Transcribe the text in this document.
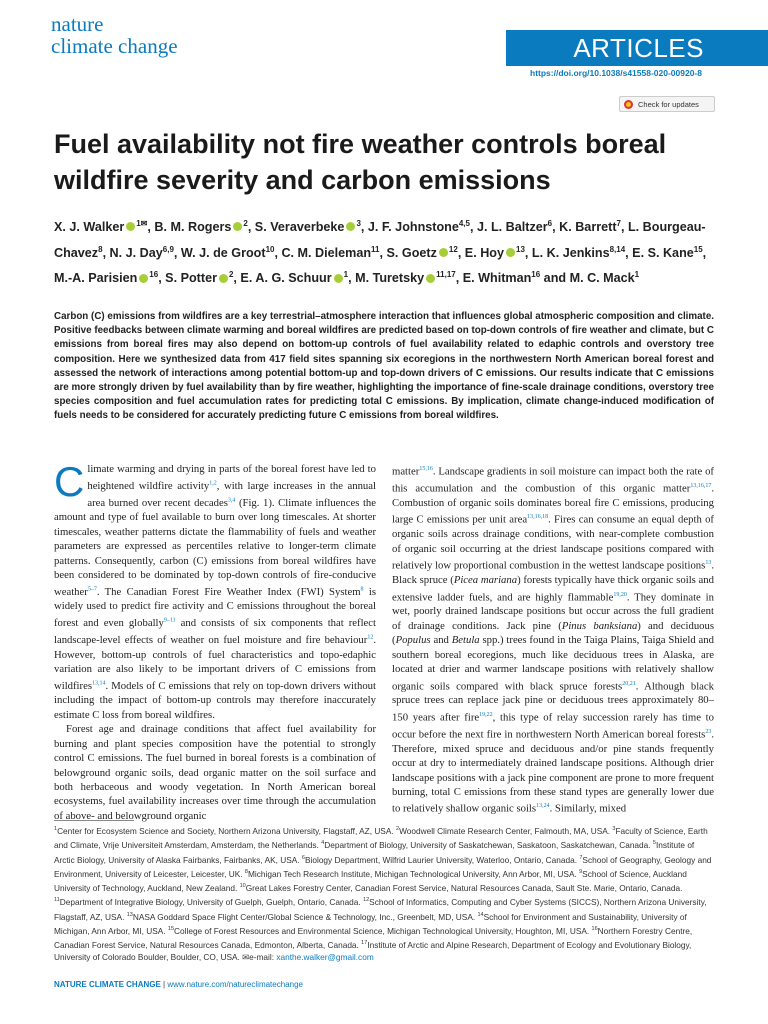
nature
climate change	ARTICLES
https://doi.org/10.1038/s41558-020-00920-8
Check for updates
Fuel availability not fire weather controls boreal wildfire severity and carbon emissions

X. J. Walker $^{1✉}$, B. M. Rogers $^2$, S. Veraverbeke $^3$, J. F. Johnstone$^{4,5}$, J. L. Baltzer$^6$, K. Barrett$^7$, L. Bourgeau-Chavez$^8$, N. J. Day$^{6,9}$, W. J. de Groot$^{10}$, C. M. Dieleman$^{11}$, S. Goetz $^{12}$, E. Hoy $^{13}$, L. K. Jenkins$^{8,14}$, E. S. Kane$^{15}$, M.-A. Parisien $^{16}$, S. Potter $^2$, E. A. G. Schuur $^1$, M. Turetsky $^{11,17}$, E. Whitman$^{16}$ and M. C. Mack$^1$

Carbon (C) emissions from wildfires are a key terrestrial–atmosphere interaction that influences global atmospheric composition and climate. Positive feedbacks between climate warming and boreal wildfires are predicted based on top-down controls of fire weather and climate, but C emissions from boreal fires may also depend on bottom-up controls of fuel availability related to edaphic controls and overstory tree composition. Here we synthesized data from 417 field sites spanning six ecoregions in the northwestern North American boreal forest and assessed the network of interactions among potential bottom-up and top-down drivers of C emissions. Our results indicate that C emissions are more strongly driven by fuel availability than by fire weather, highlighting the importance of fine-scale drainage conditions, overstory tree species composition and fuel accumulation rates for predicting total C emissions. By implication, climate change-induced modification of fuels needs to be considered for accurately predicting future C emissions from boreal wildfires.

Climate warming and drying in parts of the boreal forest have led to heightened wildfire activity$^{1,2}$, with large increases in the annual area burned over recent decades$^{3,4}$ (Fig. 1). Climate influences the amount and type of fuel available to burn over long timescales. At shorter timescales, weather patterns dictate the flammability of fuels and weather parameters are expressed as percentiles relative to longer-term climate patterns. Consequently, carbon (C) emissions from boreal wildfires have been considered to be dominated by top-down controls of fire-conducive weather$^{5-7}$. The Canadian Forest Fire Weather Index (FWI) System$^8$ is widely used to predict fire activity and C emissions throughout the boreal forest and even globally$^{9-11}$ and consists of six components that reflect landscape-level effects of weather on fuel moisture and fire behaviour$^{12}$. However, bottom-up controls of fuel characteristics and topo-edaphic variation are also likely to be important drivers of C emissions from wildfires$^{13,14}$. Models of C emissions that rely on top-down drivers without including the impact of bottom-up controls may therefore inaccurately estimate C loss from boreal wildfires.

Forest age and drainage conditions that affect fuel availability for burning and plant species composition have the potential to strongly control C emissions. The fuel burned in boreal forests is a combination of belowground organic soils, dead organic matter on the soil surface and both herbaceous and woody vegetation. In North American boreal ecosystems, fuel availability increases over time through the accumulation of above- and belowground organic

matter$^{15,16}$. Landscape gradients in soil moisture can impact both the rate of this accumulation and the combustion of this organic matter$^{13,16,17}$. Combustion of organic soils dominates boreal fire C emissions, producing large C emissions per unit area$^{13,16,18}$. Fires can consume an equal depth of organic soils across drainage conditions, with near-complete combustion of organic soil occurring at the driest landscape positions compared with relatively low proportional combustion in the wettest landscape positions$^{13}$. Black spruce (Picea mariana) forests typically have thick organic soils and extensive ladder fuels, and are highly flammable$^{19,20}$. They dominate in wet, poorly drained landscape positions but occur across the full gradient of drainage conditions. Jack pine (Pinus banksiana) and deciduous (Populus and Betula spp.) trees found in the Taiga Plains, Taiga Shield and southern boreal ecoregions, much like deciduous trees in Alaska, are located at drier and warmer landscape positions with relatively shallow organic soils compared with black spruce forests$^{20,21}$. Although black spruce trees can replace jack pine or deciduous trees approximately 80–150 years after fire$^{19,22}$, this type of relay succession rarely has time to occur before the next fire in northwestern North American boreal forests$^{23}$. Therefore, mixed spruce and deciduous and/or pine stands frequently occur at dry to intermediately drained landscape positions. Although drier landscape positions with a jack pine component are prone to more frequent burning, total C emissions from these stand types are generally lower due to relatively shallow organic soils$^{13,24}$. Similarly, mixed

$^1$Center for Ecosystem Science and Society, Northern Arizona University, Flagstaff, AZ, USA. $^2$Woodwell Climate Research Center, Falmouth, MA, USA. $^3$Faculty of Science, Earth and Climate, Vrije Universiteit Amsterdam, Amsterdam, the Netherlands. $^4$Department of Biology, University of Saskatchewan, Saskatoon, Saskatchewan, Canada. $^5$Institute of Arctic Biology, University of Alaska Fairbanks, Fairbanks, AK, USA. $^6$Biology Department, Wilfrid Laurier University, Waterloo, Ontario, Canada. $^7$School of Geography, Geology and Environment, University of Leicester, Leicester, UK. $^8$Michigan Tech Research Institute, Michigan Technological University, Ann Arbor, MI, USA. $^9$School of Science, Auckland University of Technology, Auckland, New Zealand. $^{10}$Great Lakes Forestry Center, Canadian Forest Service, Natural Resources Canada, Sault Ste. Marie, Ontario, Canada. $^{11}$Department of Integrative Biology, University of Guelph, Guelph, Ontario, Canada. $^{12}$School of Informatics, Computing and Cyber Systems (SICCS), Northern Arizona University, Flagstaff, AZ, USA. $^{13}$NASA Goddard Space Flight Center/Global Science & Technology, Inc., Greenbelt, MD, USA. $^{14}$School for Environment and Sustainability, University of Michigan, Ann Arbor, MI, USA. $^{15}$College of Forest Resources and Environmental Science, Michigan Technological University, Houghton, MI, USA. $^{16}$Northern Forestry Centre, Canadian Forest Service, Natural Resources Canada, Edmonton, Alberta, Canada. $^{17}$Institute of Arctic and Alpine Research, Department of Ecology and Evolutionary Biology, University of Colorado Boulder, Boulder, CO, USA. ✉e-mail: xanthe.walker@gmail.com

NATURE CLIMATE CHANGE | www.nature.com/natureclimatechange
